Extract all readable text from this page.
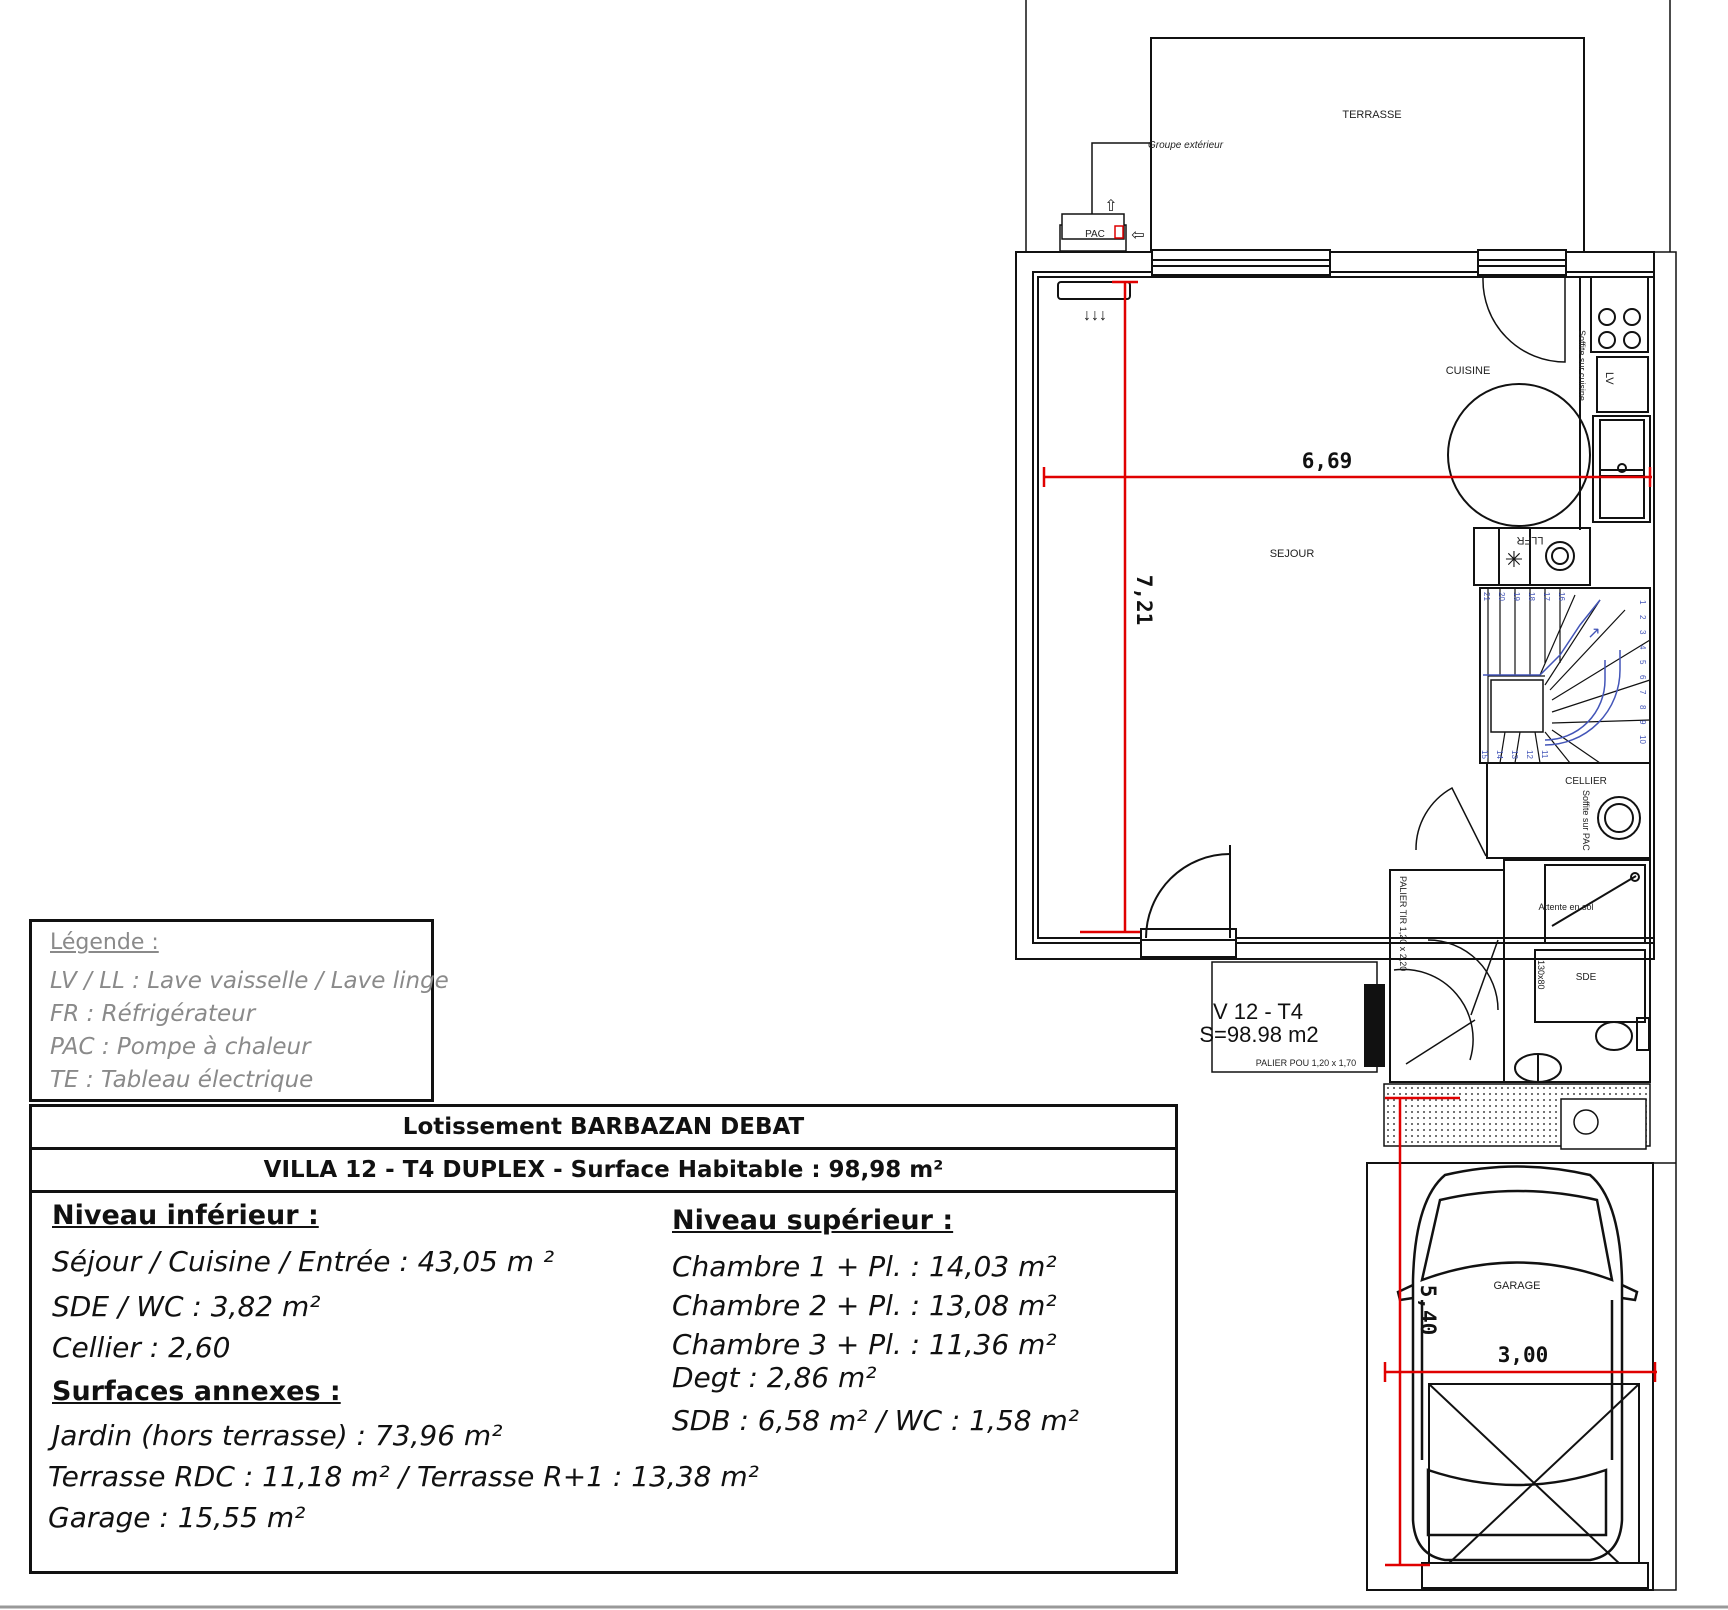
TERRASSE
Groupe extérieur
PAC
⇧
⇦
↓↓↓
LV
Soffite sur cuisine
CUISINE
✳
LLFR
SEJOUR
↗
21 20 19 18 17 16
1
2
3
4
5
6
7
8
9
10
15 14 13 12 11
CELLIER
Soffite sur PAC
Attente en sol
SDE
130x80
PALIER TIR 1,20 x 2,20
V 12 - T4
S=98.98 m2
PALIER POU 1,20 x 1,70
GARAGE
6,69
7,21
5,40
3,00
Légende :
LV / LL : Lave vaisselle / Lave linge
FR : Réfrigérateur
PAC : Pompe à chaleur
TE : Tableau électrique
Lotissement BARBAZAN DEBAT
VILLA 12 - T4 DUPLEX - Surface Habitable : 98,98 m²
Niveau inférieur :
Séjour / Cuisine / Entrée : 43,05 m ²
SDE / WC : 3,82 m²
Cellier : 2,60
Surfaces annexes :
Jardin (hors terrasse) : 73,96 m²
Terrasse RDC : 11,18 m² / Terrasse R+1 : 13,38 m²
Garage : 15,55 m²
Niveau supérieur :
Chambre 1 + Pl. : 14,03 m²
Chambre 2 + Pl. : 13,08 m²
Chambre 3 + Pl. : 11,36 m²
Degt : 2,86 m²
SDB : 6,58 m² / WC : 1,58 m²
